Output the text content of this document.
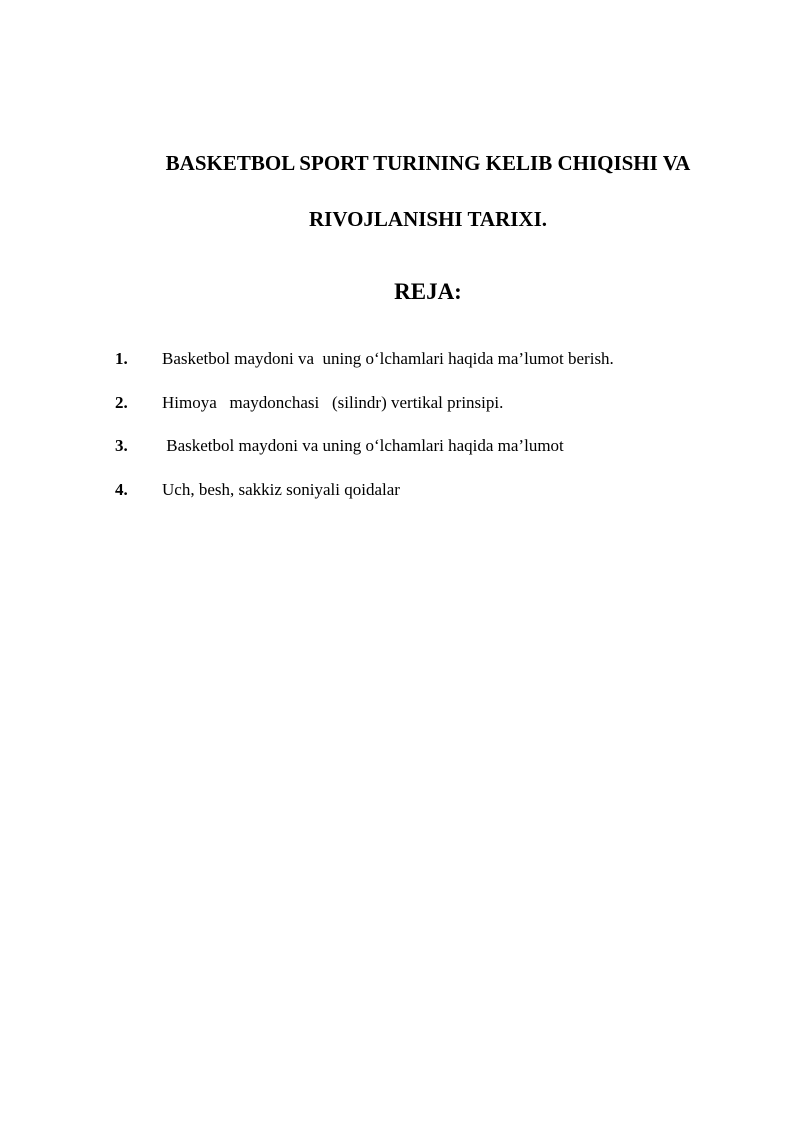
BASKETBOL SPORT TURINING KELIB CHIQISHI VA
RIVOJLANISHI TARIXI.
REJA:
1. Basketbol maydoni va  uning o‘lchamlari haqida ma’lumot berish.
2. Himoya   maydonchasi   (silindr) vertikal prinsipi.
3. Basketbol maydoni va uning o‘lchamlari haqida ma’lumot
4. Uch, besh, sakkiz soniyali qoidalar
